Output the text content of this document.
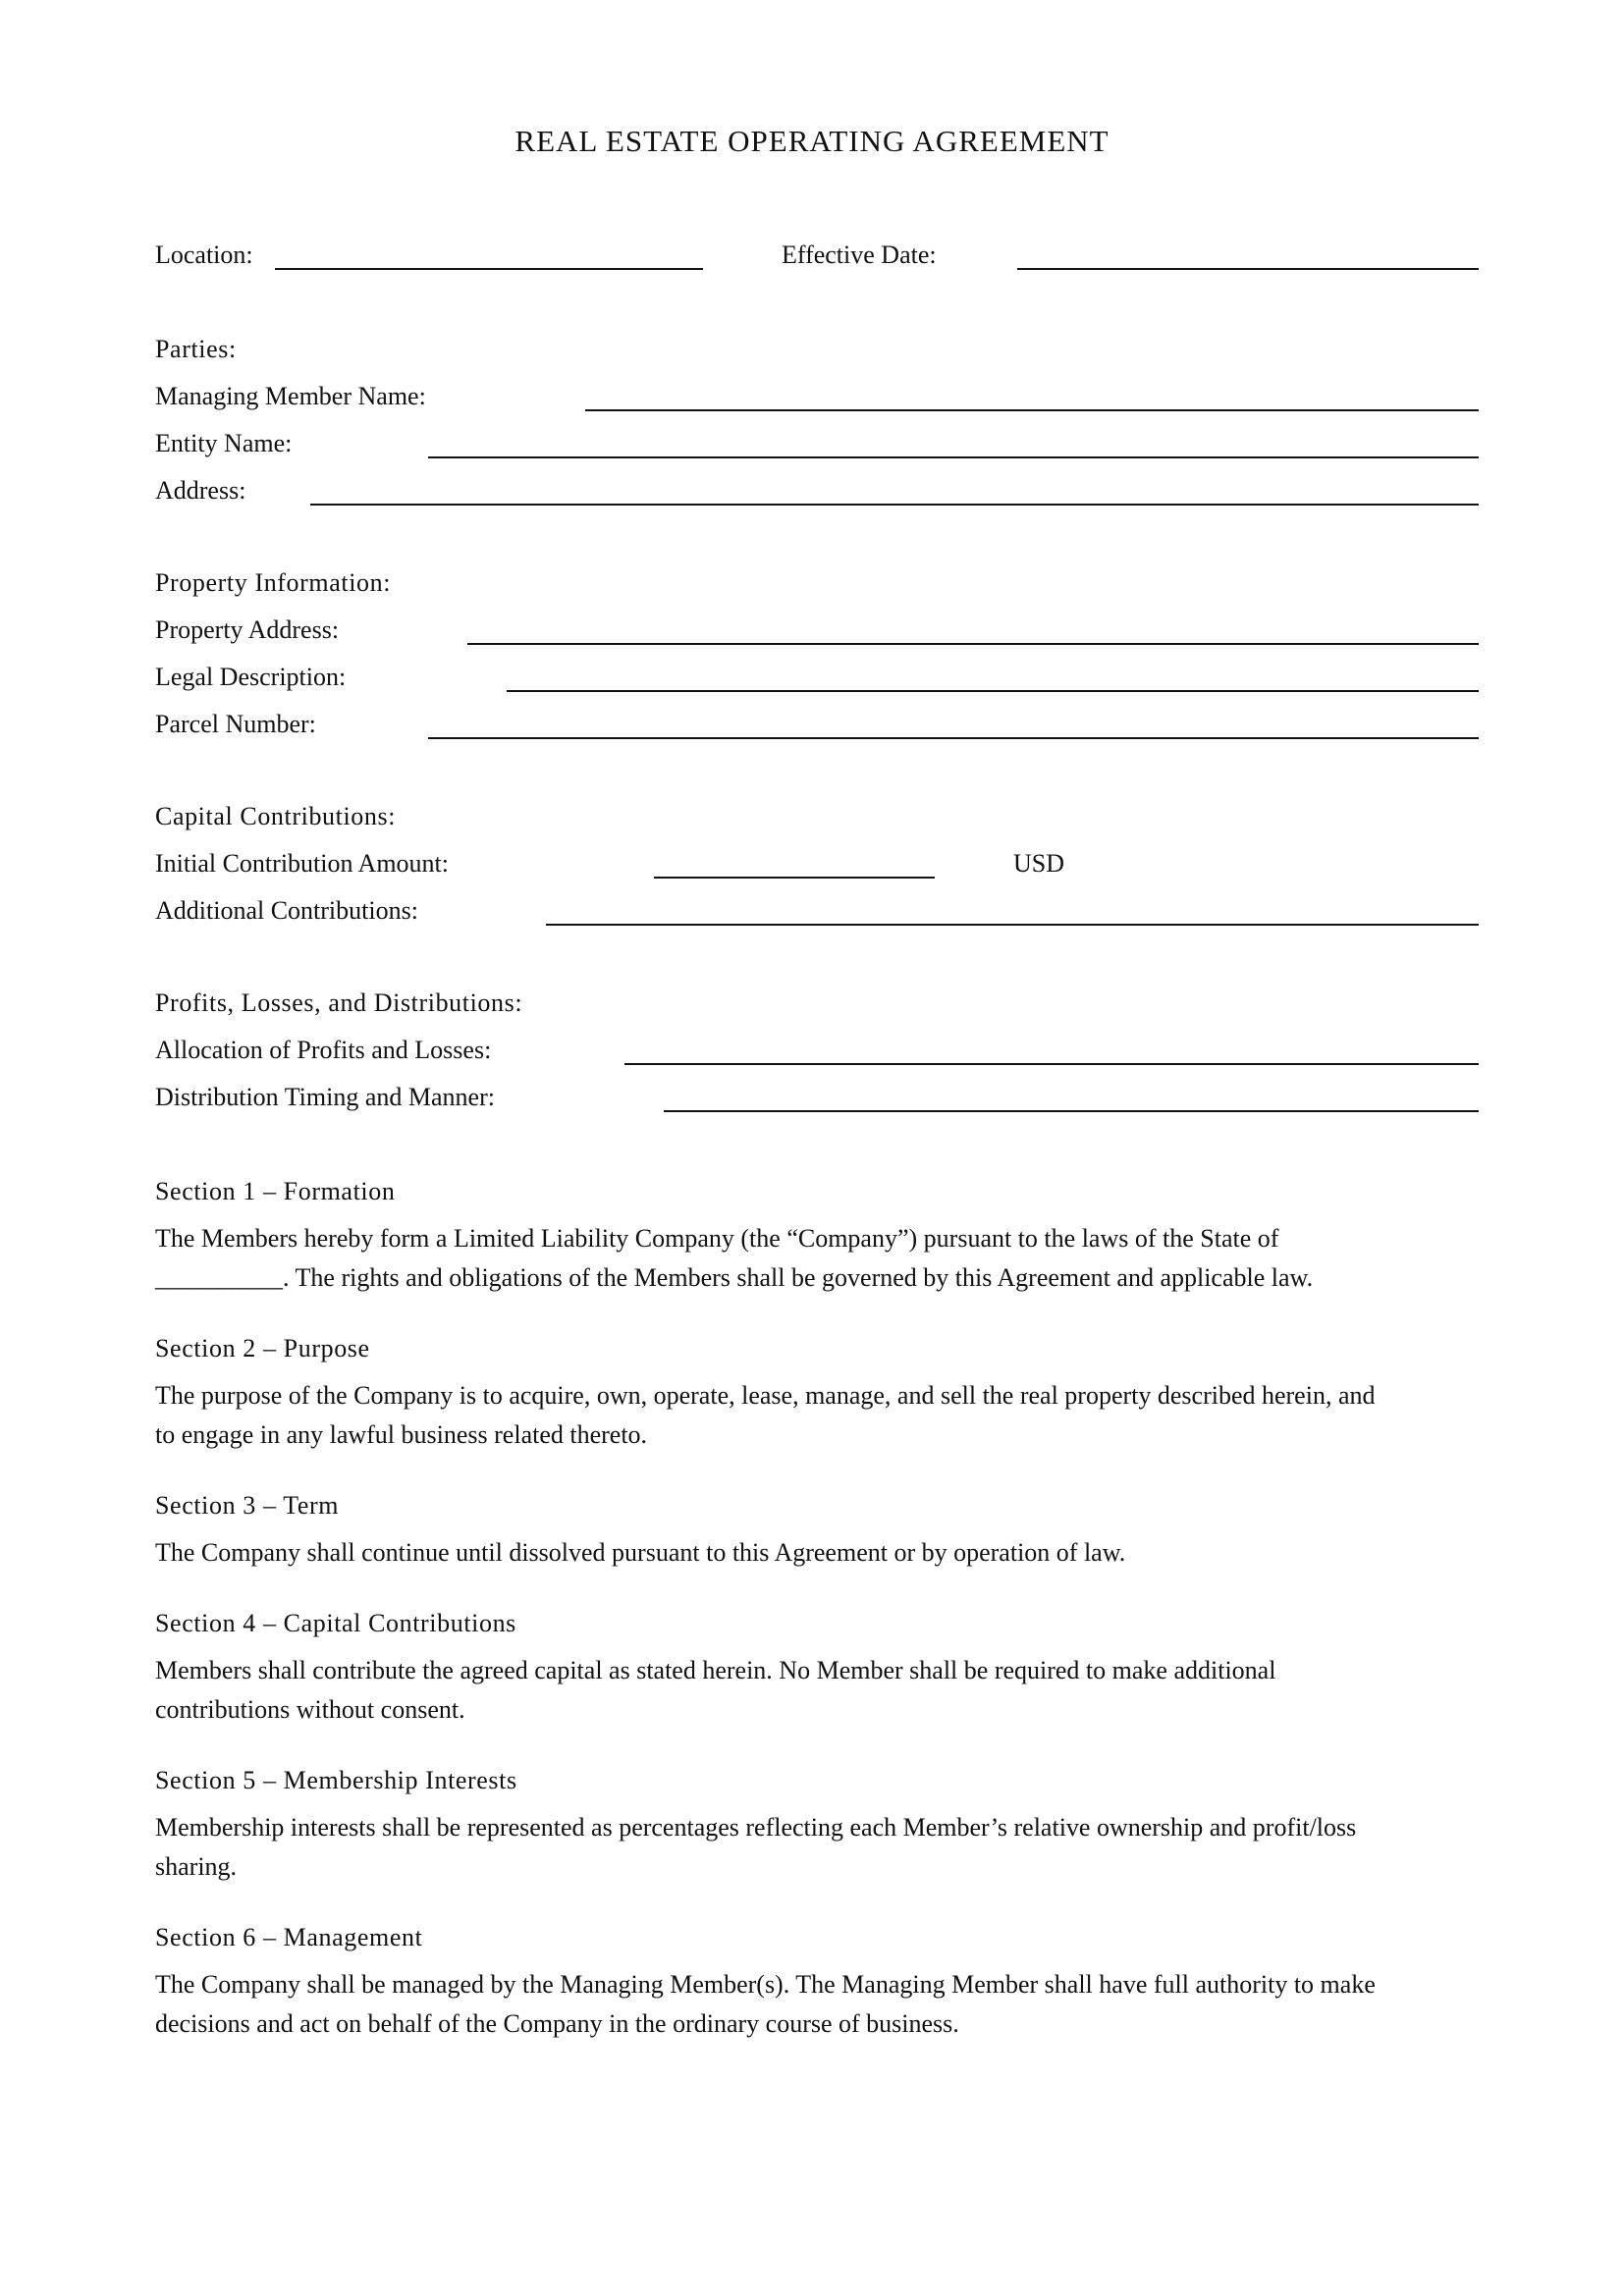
REAL ESTATE OPERATING AGREEMENT
Location:	Effective Date:
Parties:
Managing Member Name:
Entity Name:
Address:
Property Information:
Property Address:
Legal Description:
Parcel Number:
Capital Contributions:
Initial Contribution Amount:	USD
Additional Contributions:
Profits, Losses, and Distributions:
Allocation of Profits and Losses:
Distribution Timing and Manner:
Section 1 – Formation

The Members hereby form a Limited Liability Company (the “Company”) pursuant to the laws of the State of

__________. The rights and obligations of the Members shall be governed by this Agreement and applicable law.

Section 2 – Purpose

The purpose of the Company is to acquire, own, operate, lease, manage, and sell the real property described herein, and

to engage in any lawful business related thereto.

Section 3 – Term

The Company shall continue until dissolved pursuant to this Agreement or by operation of law.

Section 4 – Capital Contributions

Members shall contribute the agreed capital as stated herein. No Member shall be required to make additional

contributions without consent.

Section 5 – Membership Interests

Membership interests shall be represented as percentages reflecting each Member’s relative ownership and profit/loss

sharing.

Section 6 – Management

The Company shall be managed by the Managing Member(s). The Managing Member shall have full authority to make

decisions and act on behalf of the Company in the ordinary course of business.
